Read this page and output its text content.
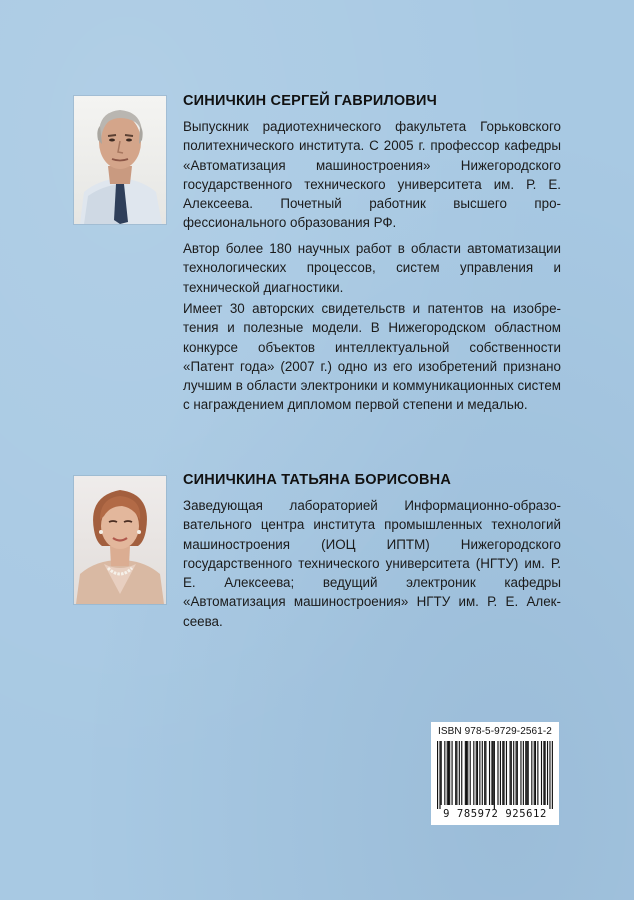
СИНИЧКИН СЕРГЕЙ ГАВРИЛОВИЧ
Выпускник радиотехнического факультета Горьковского политехнического института. С 2005 г. профессор кафедры «Автоматизация машиностроения» Нижегородского государственного технического университета им. Р. Е. Алексеева. Почетный работник высшего профессионального образования РФ.
Автор более 180 научных работ в области автоматизации технологических процессов, систем управления и технической диагностики.
Имеет 30 авторских свидетельств и патентов на изобретения и полезные модели. В Нижегородском областном конкурсе объектов интеллектуальной собственности «Патент года» (2007 г.) одно из его изобретений признано лучшим в области электроники и коммуникационных систем с награждением дипломом первой степени и медалью.
СИНИЧКИНА ТАТЬЯНА БОРИСОВНА
Заведующая лабораторией Информационно-образовательного центра института промышленных технологий машиностроения (ИОЦ ИПТМ) Нижегородского государственного технического университета (НГТУ) им. Р. Е. Алексеева; ведущий электроник кафедры «Автоматизация машиностроения» НГТУ им. Р. Е. Алексеева.
ISBN 978-5-9729-2561-2
9 785972 925612
